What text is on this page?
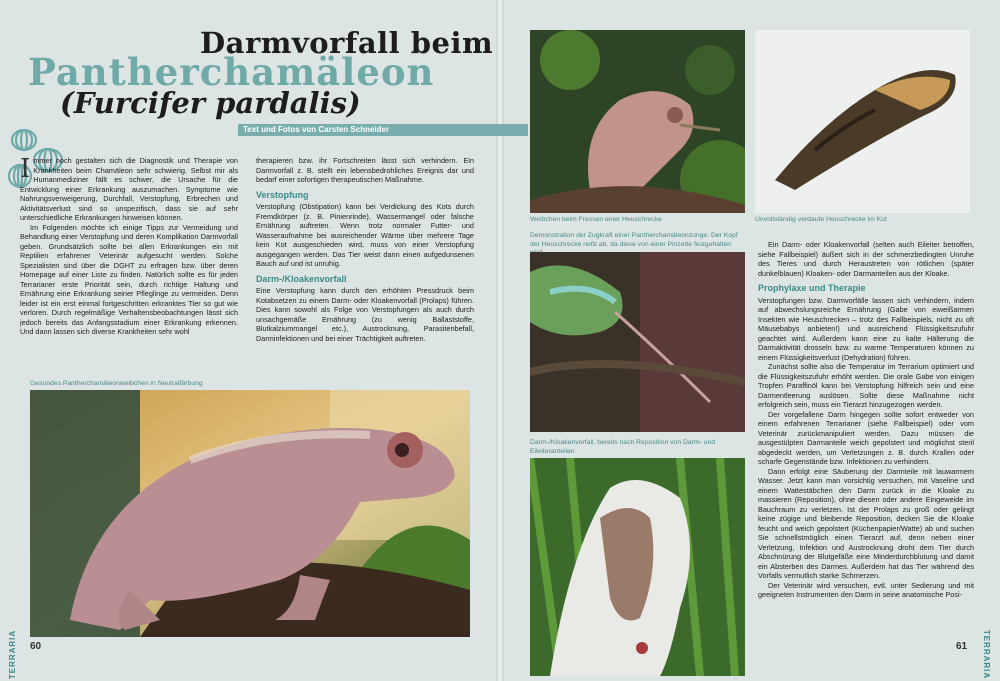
Darmvorfall beim
Pantherchamäleon
(Furcifer pardalis)
Text und Fotos von Carsten Schneider

Immer noch gestalten sich die Diagnostik und Therapie von Krankheiten beim Chamäleon sehr schwierig. Selbst mir als Humanmediziner fällt es schwer, die Ursache für die Entwicklung einer Erkrankung auszumachen. Symptome wie Nahrungsverweigerung, Durchfall, Verstopfung, Erbrechen und Aktivitätsverlust sind so unspezifisch, dass sie auf sehr unterschiedliche Erkrankungen hinweisen können.

Im Folgenden möchte ich einige Tipps zur Vermeidung und Behandlung einer Verstopfung und deren Komplikation Darmvorfall geben. Grundsätzlich sollte bei allen Erkrankungen ein mit Reptilien erfahrener Veterinär aufgesucht werden. Solche Spezialisten sind über die DGHT zu erfragen bzw. über deren Homepage auf einer Liste zu finden. Natürlich sollte es für jeden Terrarianer erste Priorität sein, durch richtige Haltung und Ernährung eine Erkrankung seiner Pfleglinge zu vermeiden. Denn leider ist ein erst einmal fortgeschritten erkranktes Tier so gut wie verloren. Durch regelmäßige Verhaltensbeobachtungen lässt sich jedoch bereits das Anfangsstadium einer Erkrankung erkennen. Und dann lassen sich diverse Krankheiten sehr wohl

therapieren bzw. ihr Fortschreiten lässt sich verhindern. Ein Darmvorfall z. B. stellt ein lebensbedrohliches Ereignis dar und bedarf einer sofortigen therapeutischen Maßnahme.

Verstopfung

Verstopfung (Obstipation) kann bei Verdickung des Kots durch Fremdkörper (z. B. Pinienrinde), Wassermangel oder falsche Ernährung auftreten. Wenn trotz normaler Futter- und Wasseraufnahme bei ausreichender Wärme über mehrere Tage kein Kot ausgeschieden wird, muss von einer Verstopfung ausgegangen werden. Das Tier weist dann einen aufgedunsenen Bauch auf und ist unruhig.

Darm-/Kloakenvorfall

Eine Verstopfung kann durch den erhöhten Pressdruck beim Kotabsetzen zu einem Darm- oder Kloakenvorfall (Prolaps) führen. Dies kann sowohl als Folge von Verstopfungen als auch durch unsachgemäße Ernährung (zu wenig Ballaststoffe, Blutkalziummangel etc.), Austrocknung, Parasitenbefall, Darminfektionen und bei einer Trächtigkeit auftreten.

Gesundes Pantherchamäleonweibchen in Neutralfärbung
60
TERRARIA
Weibchen beim Fressen einer Heuschrecke	Unvollständig verdaute Heuschrecke im Kot
Demonstration der Zugkraft einer Pantherchamäleonzunge: Der Kopf der Heuschrecke reißt ab, da diese von einer Pinzette festgehalten
Darm-/Kloakenvorfall, bereits nach Reposition von Darm- und Eileiteranteilen

Ein Darm- oder Kloakenvorfall (selten auch Eileiter betroffen, siehe Fallbeispiel) äußert sich in der schmerzbedingten Unruhe des Tieres und durch Heraustreten von rötlichen (später dunkelblauen) Kloaken- oder Darmanteilen aus der Kloake.

Prophylaxe und Therapie

Verstopfungen bzw. Darmvorfälle lassen sich verhindern, indem auf abwechslungsreiche Ernährung (Gabe von eiweißarmen Insekten wie Heuschrecken – trotz des Fallbeispiels, nicht zu oft Mäusebabys anbieten!) und ausreichend Flüssigkeitszufuhr geachtet wird. Außerdem kann eine zu kalte Hälterung die Darmaktivität drosseln bzw. zu warme Temperaturen können zu einem Flüssigkeitsverlust (Dehydration) führen.

Zunächst sollte also die Temperatur im Terrarium optimiert und die Flüssigkeitszufuhr erhöht werden. Die orale Gabe von einigen Tropfen Paraffinöl kann bei Verstopfung hilfreich sein und eine Darmentleerung auslösen. Sollte diese Maßnahme nicht erfolgreich sein, muss ein Tierarzt hinzugezogen werden.

Der vorgefallene Darm hingegen sollte sofort entweder von einem erfahrenen Terrarianer (siehe Fallbeispiel) oder vom Veterinär zurückmanipuliert werden. Dazu müssen die ausgestülpten Darmanteile weich gepolstert und möglichst steril abgedeckt werden, um Verletzungen z. B. durch Krallen oder scharfe Gegenstände bzw. Infektionen zu verhindern.

Dann erfolgt eine Säuberung der Darmteile mit lauwarmem Wasser. Jetzt kann man vorsichtig versuchen, mit Vaseline und einem Wattestäbchen den Darm zurück in die Kloake zu massieren (Reposition), ohne diesen oder andere Eingeweide im Bauchraum zu verletzen. Ist der Prolaps zu groß oder gelingt keine zügige und bleibende Reposition, decken Sie die Kloake feucht und weich gepolstert (Küchenpapier/Watte) ab und suchen Sie schnellstmöglich einen Tierarzt auf, denn neben einer Verletzung, Infektion und Austrocknung droht dem Tier durch Abschnürung der Blutgefäße eine Minderdurchblutung und damit ein Absterben des Darmes. Außerdem hat das Tier während des Vorfalls vermutlich starke Schmerzen.

Der Veterinär wird versuchen, evtl. unter Sedierung und mit geeigneten Instrumenten den Darm in seine anatomische Posi-

61 TERRARIA
